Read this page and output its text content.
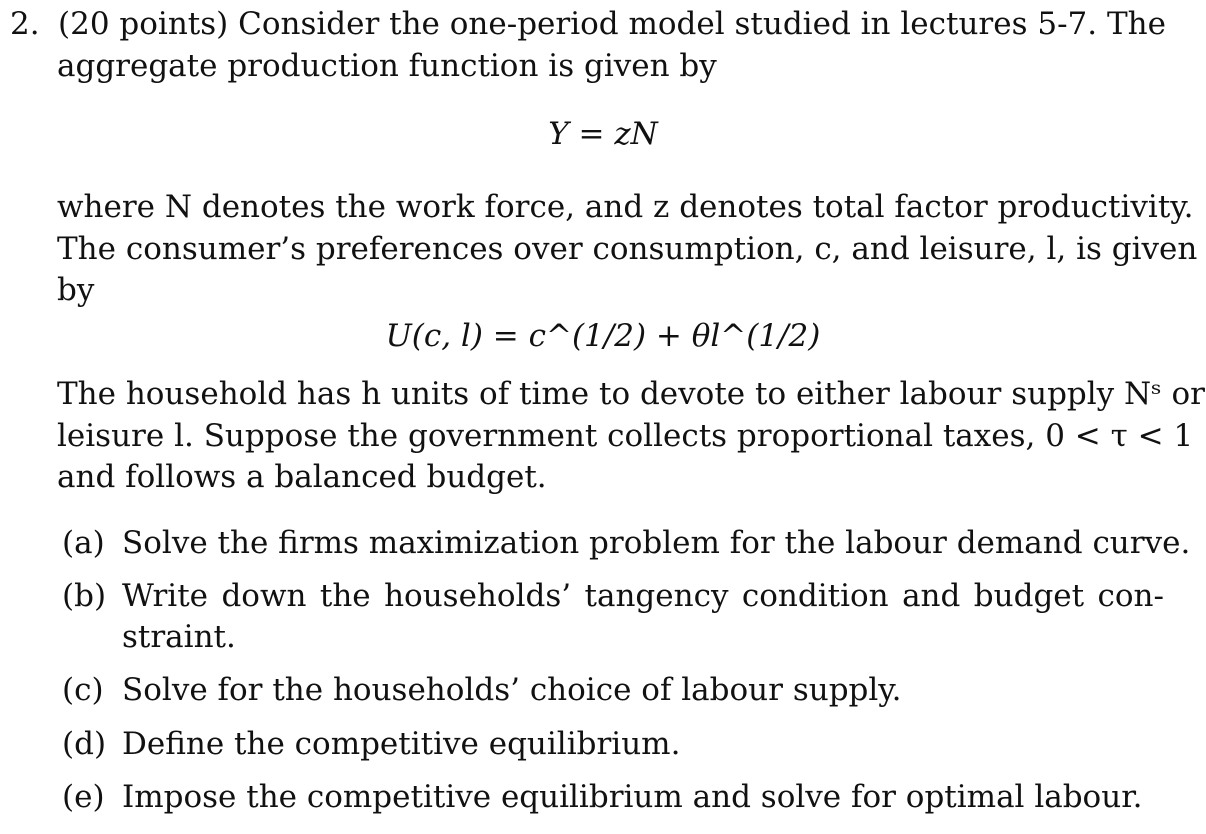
2. (20 points) Consider the one-period model studied in lectures 5-7. The
aggregate production function is given by
Y = zN
where N denotes the work force, and z denotes total factor productivity.
The consumer’s preferences over consumption, c, and leisure, l, is given
by
U(c, l) = c^(1/2) + θl^(1/2)
The household has h units of time to devote to either labour supply Nˢ or
leisure l. Suppose the government collects proportional taxes, 0 < τ < 1
and follows a balanced budget.
(a) Solve the firms maximization problem for the labour demand curve.
(b) Write down the households’ tangency condition and budget con-
straint.
(c) Solve for the households’ choice of labour supply.
(d) Define the competitive equilibrium.
(e) Impose the competitive equilibrium and solve for optimal labour.
